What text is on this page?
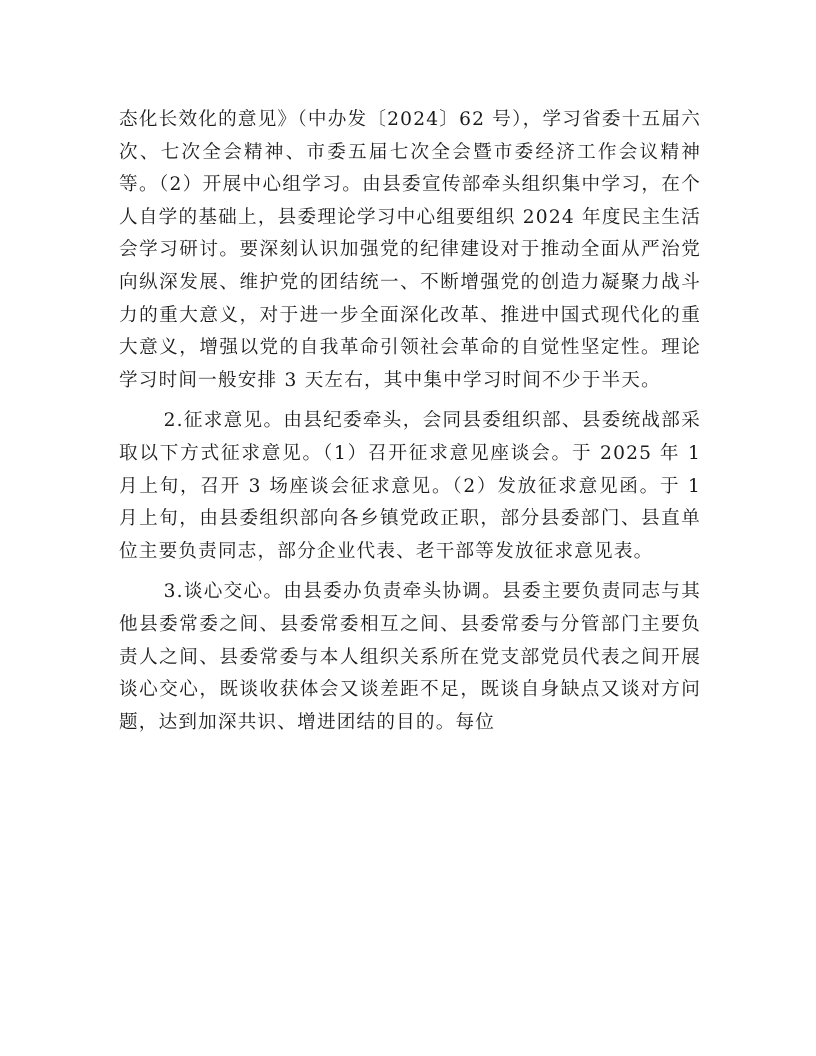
态化长效化的意见》（中办发〔2024〕62 号），学习省委十五届六次、七次全会精神、市委五届七次全会暨市委经济工作会议精神等。（2）开展中心组学习。由县委宣传部牵头组织集中学习，在个人自学的基础上，县委理论学习中心组要组织 2024 年度民主生活会学习研讨。要深刻认识加强党的纪律建设对于推动全面从严治党向纵深发展、维护党的团结统一、不断增强党的创造力凝聚力战斗力的重大意义，对于进一步全面深化改革、推进中国式现代化的重大意义，增强以党的自我革命引领社会革命的自觉性坚定性。理论学习时间一般安排 3 天左右，其中集中学习时间不少于半天。

2.征求意见。由县纪委牵头，会同县委组织部、县委统战部采取以下方式征求意见。（1）召开征求意见座谈会。于 2025 年 1 月上旬，召开 3 场座谈会征求意见。（2）发放征求意见函。于 1 月上旬，由县委组织部向各乡镇党政正职，部分县委部门、县直单位主要负责同志，部分企业代表、老干部等发放征求意见表。

3.谈心交心。由县委办负责牵头协调。县委主要负责同志与其他县委常委之间、县委常委相互之间、县委常委与分管部门主要负责人之间、县委常委与本人组织关系所在党支部党员代表之间开展谈心交心，既谈收获体会又谈差距不足，既谈自身缺点又谈对方问题，达到加深共识、增进团结的目的。每位
